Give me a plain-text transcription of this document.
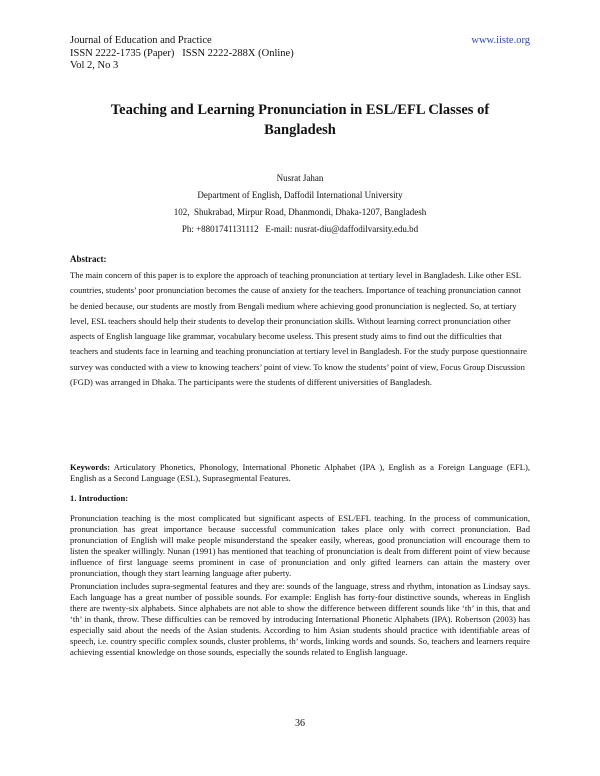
Journal of Education and Practice	www.iiste.org
ISSN 2222-1735 (Paper)   ISSN 2222-288X (Online)
Vol 2, No 3
Teaching and Learning Pronunciation in ESL/EFL Classes of
Bangladesh
Nusrat Jahan
Department of English, Daffodil International University
102,  Shukrabad, Mirpur Road, Dhanmondi, Dhaka-1207, Bangladesh
Ph: +8801741131112   E-mail: nusrat-diu@daffodilvarsity.edu.bd
Abstract:
The main concern of this paper is to explore the approach of teaching pronunciation at tertiary level in Bangladesh. Like other ESL countries, students’ poor pronunciation becomes the cause of anxiety for the teachers. Importance of teaching pronunciation cannot be denied because, our students are mostly from Bengali medium where achieving good pronunciation is neglected. So, at tertiary level, ESL teachers should help their students to develop their pronunciation skills. Without learning correct pronunciation other aspects of English language like grammar, vocabulary become useless. This present study aims to find out the difficulties that teachers and students face in learning and teaching pronunciation at tertiary level in Bangladesh. For the study purpose questionnaire survey was conducted with a view to knowing teachers’ point of view. To know the students’ point of view, Focus Group Discussion (FGD) was arranged in Dhaka. The participants were the students of different universities of Bangladesh.
Keywords: Articulatory Phonetics, Phonology, International Phonetic Alphabet (IPA ), English as a Foreign Language (EFL), English as a Second Language (ESL), Suprasegmental Features.
1. Introduction:

Pronunciation teaching is the most complicated but significant aspects of ESL/EFL teaching. In the process of communication, pronunciation has great importance because successful communication takes place only with correct pronunciation. Bad pronunciation of English will make people misunderstand the speaker easily, whereas, good pronunciation will encourage them to listen the speaker willingly. Nunan (1991) has mentioned that teaching of pronunciation is dealt from different point of view because influence of first language seems prominent in case of pronunciation and only gifted learners can attain the mastery over pronunciation, though they start learning language after puberty.

Pronunciation includes supra-segmental features and they are: sounds of the language, stress and rhythm, intonation as Lindsay says. Each language has a great number of possible sounds. For example: English has forty-four distinctive sounds, whereas in English there are twenty-six alphabets. Since alphabets are not able to show the difference between different sounds like ‘th’ in this, that and ‘th’ in thank, throw. These difficulties can be removed by introducing International Phonetic Alphabets (IPA). Robertson (2003) has especially said about the needs of the Asian students. According to him Asian students should practice with identifiable areas of speech, i.e. country specific complex sounds, cluster problems, th’ words, linking words and sounds. So, teachers and learners require achieving essential knowledge on those sounds, especially the sounds related to English language.

36
